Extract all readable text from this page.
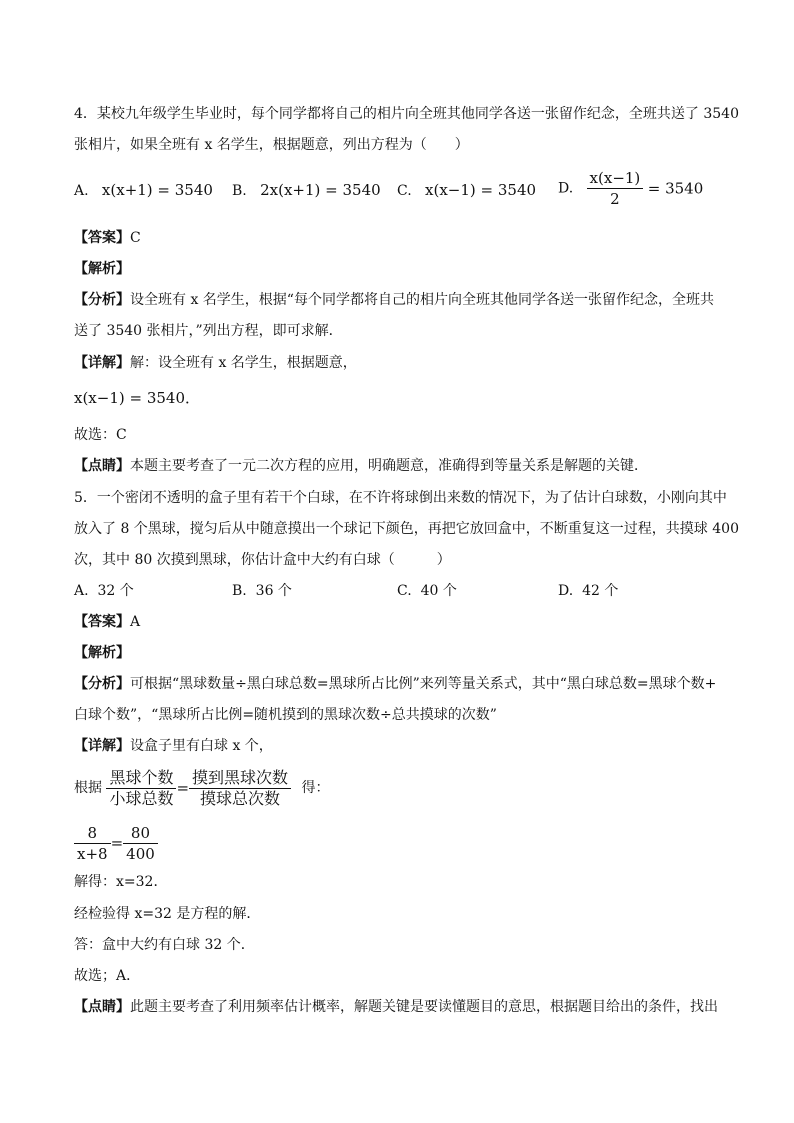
4．某校九年级学生毕业时，每个同学都将自己的相片向全班其他同学各送一张留作纪念，全班共送了 3540
张相片，如果全班有 x 名学生，根据题意，列出方程为（　　）
A. x(x+1) = 3540 B. 2x(x+1) = 3540 C. x(x−1) = 3540 D. $\frac{x(x-1)}{2} = 3540$
【答案】C
【解析】
【分析】设全班有 x 名学生，根据“每个同学都将自己的相片向全班其他同学各送一张留作纪念，全班共
送了 3540 张相片，”列出方程，即可求解．
【详解】解：设全班有 x 名学生，根据题意，
x(x−1) = 3540．
故选：C
【点睛】本题主要考查了一元二次方程的应用，明确题意，准确得到等量关系是解题的关键．
5．一个密闭不透明的盒子里有若干个白球，在不许将球倒出来数的情况下，为了估计白球数，小刚向其中
放入了 8 个黑球，搅匀后从中随意摸出一个球记下颜色，再把它放回盒中，不断重复这一过程，共摸球 400
次，其中 80 次摸到黑球，你估计盒中大约有白球（　　　）
A. 32 个	B. 36 个	C. 40 个	D. 42 个
【答案】A
【解析】
【分析】可根据“黑球数量÷黑白球总数=黑球所占比例”来列等量关系式，其中“黑白球总数=黑球个数+
白球个数”，“黑球所占比例=随机摸到的黑球次数÷总共摸球的次数”
【详解】设盒子里有白球 x 个，
根据 $\frac{\text{黑球个数}}{\text{小球总数}} = \frac{\text{摸到黑球次数}}{\text{摸球总次数}}$ 得：
$\frac{8}{x+8} = \frac{80}{400}$
解得：x=32．
经检验得 x=32 是方程的解．
答：盒中大约有白球 32 个．
故选；A．
【点睛】此题主要考查了利用频率估计概率，解题关键是要读懂题目的意思，根据题目给出的条件，找出
